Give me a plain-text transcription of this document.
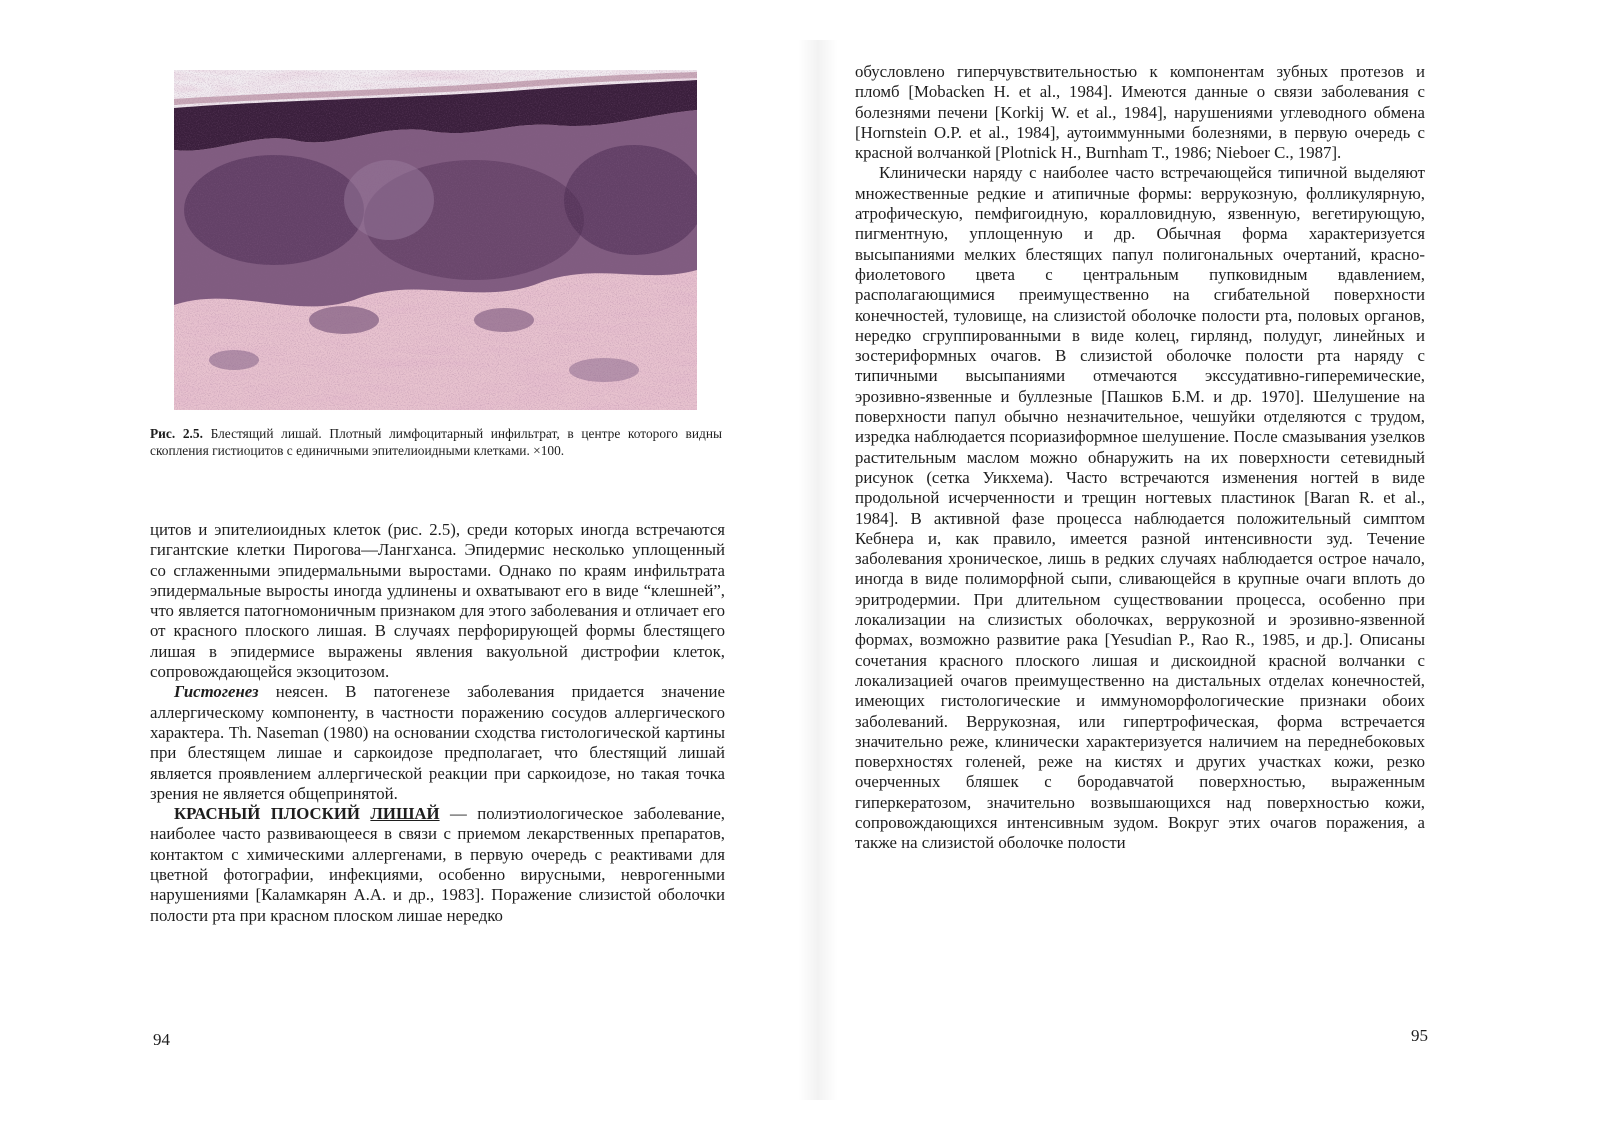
Рис. 2.5. Блестящий лишай. Плотный лимфоцитарный инфильтрат, в центре которого видны скопления гистиоцитов с единичными эпителиоидными клетками. ×100.

цитов и эпителиоидных клеток (рис. 2.5), среди которых иногда встречаются гигантские клетки Пирогова—Лангханса. Эпидермис несколько уплощенный со сглаженными эпидермальными выростами. Однако по краям инфильтрата эпидермальные выросты иногда удлинены и охватывают его в виде “клешней”, что является патогномоничным признаком для этого заболевания и отличает его от красного плоского лишая. В случаях перфорирующей формы блестящего лишая в эпидермисе выражены явления вакуольной дистрофии клеток, сопровождающейся экзоцитозом.

Гистогенез неясен. В патогенезе заболевания придается значение аллергическому компоненту, в частности поражению сосудов аллергического характера. Th. Naseman (1980) на основании сходства гистологической картины при блестящем лишае и саркоидозе предполагает, что блестящий лишай является проявлением аллергической реакции при саркоидозе, но такая точка зрения не является общепринятой.

КРАСНЫЙ ПЛОСКИЙ ЛИШАЙ — полиэтиологическое заболевание, наиболее часто развивающееся в связи с приемом лекарственных препаратов, контактом с химическими аллергенами, в первую очередь с реактивами для цветной фотографии, инфекциями, особенно вирусными, неврогенными нарушениями [Каламкарян А.А. и др., 1983]. Поражение слизистой оболочки полости рта при красном плоском лишае нередко

94

обусловлено гиперчувствительностью к компонентам зубных протезов и пломб [Mobacken H. et al., 1984]. Имеются данные о связи заболевания с болезнями печени [Korkij W. et al., 1984], нарушениями углеводного обмена [Hornstein O.P. et al., 1984], аутоиммунными болезнями, в первую очередь с красной волчанкой [Plotnick H., Burnham T., 1986; Nieboer C., 1987].

Клинически наряду с наиболее часто встречающейся типичной выделяют множественные редкие и атипичные формы: веррукозную, фолликулярную, атрофическую, пемфигоидную, коралловидную, язвенную, вегетирующую, пигментную, уплощенную и др. Обычная форма характеризуется высыпаниями мелких блестящих папул полигональных очертаний, красно-фиолетового цвета с центральным пупковидным вдавлением, располагающимися преимущественно на сгибательной поверхности конечностей, туловище, на слизистой оболочке полости рта, половых органов, нередко сгруппированными в виде колец, гирлянд, полудуг, линейных и зостериформных очагов. В слизистой оболочке полости рта наряду с типичными высыпаниями отмечаются экссудативно-гиперемические, эрозивно-язвенные и буллезные [Пашков Б.М. и др. 1970]. Шелушение на поверхности папул обычно незначительное, чешуйки отделяются с трудом, изредка наблюдается псориазиформное шелушение. После смазывания узелков растительным маслом можно обнаружить на их поверхности сетевидный рисунок (сетка Уикхема). Часто встречаются изменения ногтей в виде продольной исчерченности и трещин ногтевых пластинок [Baran R. et al., 1984]. В активной фазе процесса наблюдается положительный симптом Кебнера и, как правило, имеется разной интенсивности зуд. Течение заболевания хроническое, лишь в редких случаях наблюдается острое начало, иногда в виде полиморфной сыпи, сливающейся в крупные очаги вплоть до эритродермии. При длительном существовании процесса, особенно при локализации на слизистых оболочках, веррукозной и эрозивно-язвенной формах, возможно развитие рака [Yesudian P., Rao R., 1985, и др.]. Описаны сочетания красного плоского лишая и дискоидной красной волчанки с локализацией очагов преимущественно на дистальных отделах конечностей, имеющих гистологические и иммуноморфологические признаки обоих заболеваний. Веррукозная, или гипертрофическая, форма встречается значительно реже, клинически характеризуется наличием на переднебоковых поверхностях голеней, реже на кистях и других участках кожи, резко очерченных бляшек с бородавчатой поверхностью, выраженным гиперкератозом, значительно возвышающихся над поверхностью кожи, сопровождающихся интенсивным зудом. Вокруг этих очагов поражения, а также на слизистой оболочке полости

95
